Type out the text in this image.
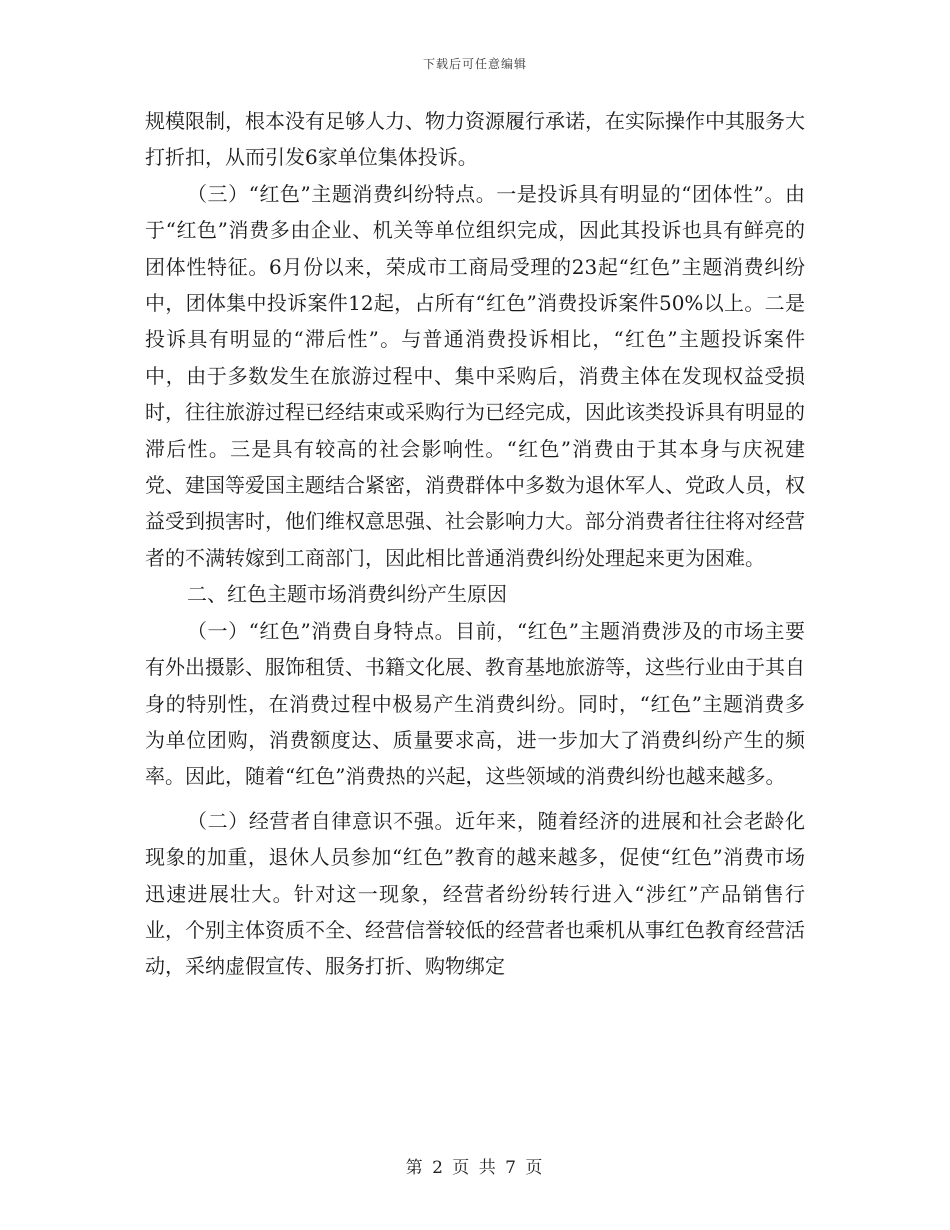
下载后可任意编辑

规模限制，根本没有足够人力、物力资源履行承诺，在实际操作中其服务大打折扣，从而引发6家单位集体投诉。

（三）“红色”主题消费纠纷特点。一是投诉具有明显的“团体性”。由于“红色”消费多由企业、机关等单位组织完成，因此其投诉也具有鲜亮的团体性特征。6月份以来，荣成市工商局受理的23起“红色”主题消费纠纷中，团体集中投诉案件12起，占所有“红色”消费投诉案件50%以上。二是投诉具有明显的“滞后性”。与普通消费投诉相比，“红色”主题投诉案件中，由于多数发生在旅游过程中、集中采购后，消费主体在发现权益受损时，往往旅游过程已经结束或采购行为已经完成，因此该类投诉具有明显的滞后性。三是具有较高的社会影响性。“红色”消费由于其本身与庆祝建党、建国等爱国主题结合紧密，消费群体中多数为退休军人、党政人员，权益受到损害时，他们维权意思强、社会影响力大。部分消费者往往将对经营者的不满转嫁到工商部门，因此相比普通消费纠纷处理起来更为困难。

二、红色主题市场消费纠纷产生原因

（一）“红色”消费自身特点。目前，“红色”主题消费涉及的市场主要有外出摄影、服饰租赁、书籍文化展、教育基地旅游等，这些行业由于其自身的特别性，在消费过程中极易产生消费纠纷。同时，“红色”主题消费多为单位团购，消费额度达、质量要求高，进一步加大了消费纠纷产生的频率。因此，随着“红色”消费热的兴起，这些领域的消费纠纷也越来越多。

（二）经营者自律意识不强。近年来，随着经济的进展和社会老龄化现象的加重，退休人员参加“红色”教育的越来越多，促使“红色”消费市场迅速进展壮大。针对这一现象，经营者纷纷转行进入“涉红”产品销售行业，个别主体资质不全、经营信誉较低的经营者也乘机从事红色教育经营活动，采纳虚假宣传、服务打折、购物绑定

第 2 页 共 7 页
